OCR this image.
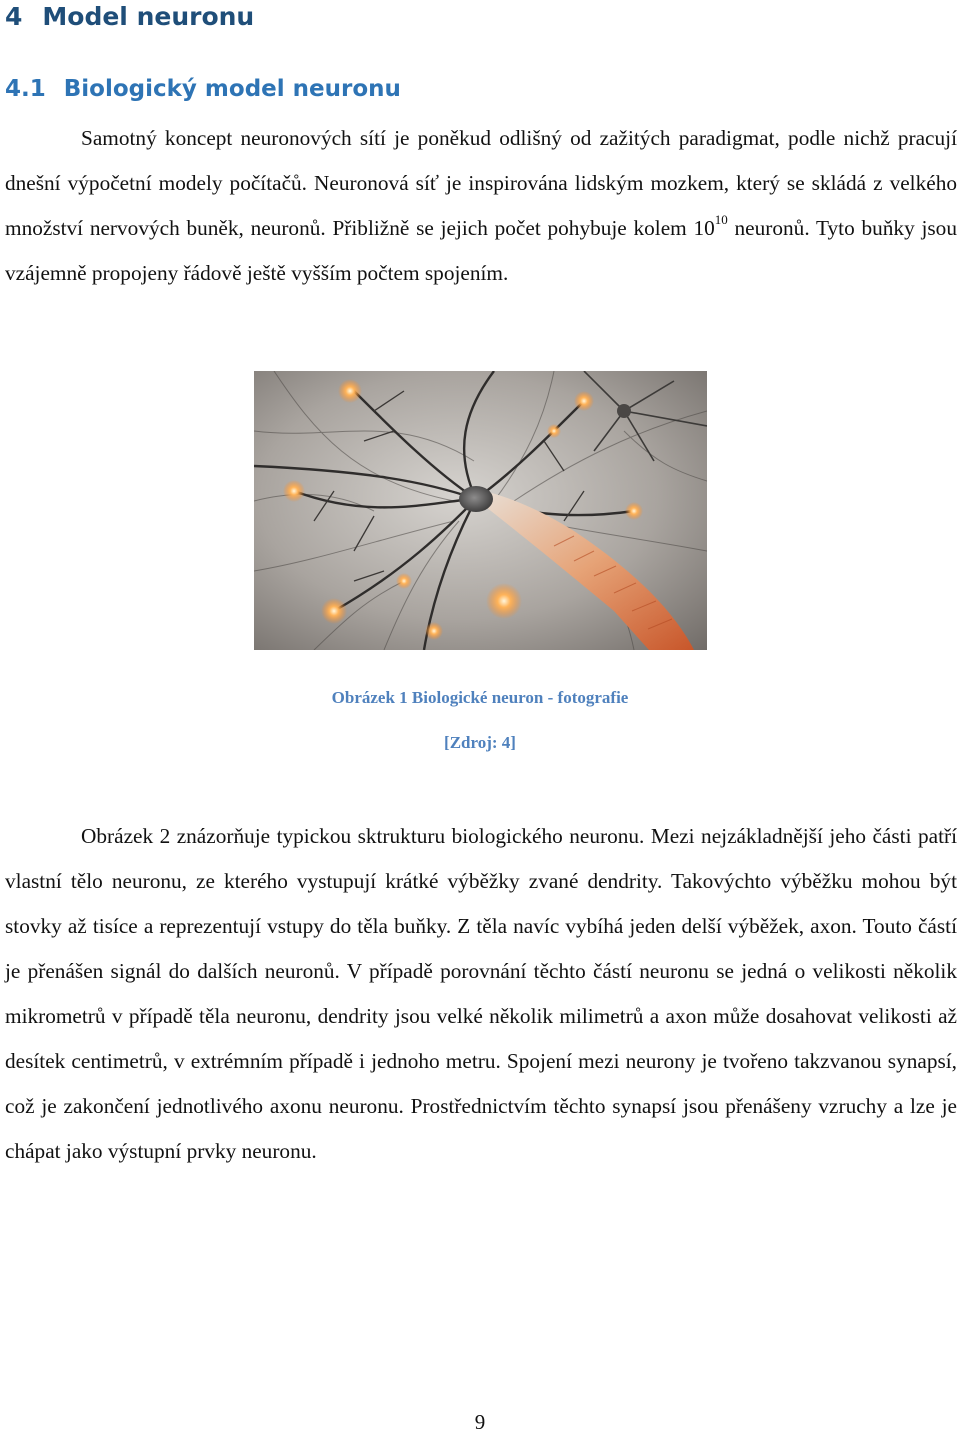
4 Model neuronu
4.1 Biologický model neuronu

Samotný koncept neuronových sítí je poněkud odlišný od zažitých paradigmat, podle nichž pracují dnešní výpočetní modely počítačů. Neuronová síť je inspirována lidským mozkem, který se skládá z velkého množství nervových buněk, neuronů. Přibližně se jejich počet pohybuje kolem $10^{10}$ neuronů. Tyto buňky jsou vzájemně propojeny řádově ještě vyšším počtem spojením.

Obrázek 1 Biologické neuron - fotografie

[Zdroj: 4]

Obrázek 2 znázorňuje typickou sktrukturu biologického neuronu. Mezi nejzákladnější jeho části patří vlastní tělo neuronu, ze kterého vystupují krátké výběžky zvané dendrity. Takovýchto výběžku mohou být stovky až tisíce a reprezentují vstupy do těla buňky. Z těla navíc vybíhá jeden delší výběžek, axon. Touto částí je přenášen signál do dalších neuronů. V případě porovnání těchto částí neuronu se jedná o velikosti několik mikrometrů v případě těla neuronu, dendrity jsou velké několik milimetrů a axon může dosahovat velikosti až desítek centimetrů, v extrémním případě i jednoho metru. Spojení mezi neurony je tvořeno takzvanou synapsí, což je zakončení jednotlivého axonu neuronu. Prostřednictvím těchto synapsí jsou přenášeny vzruchy a lze je chápat jako výstupní prvky neuronu.

9
